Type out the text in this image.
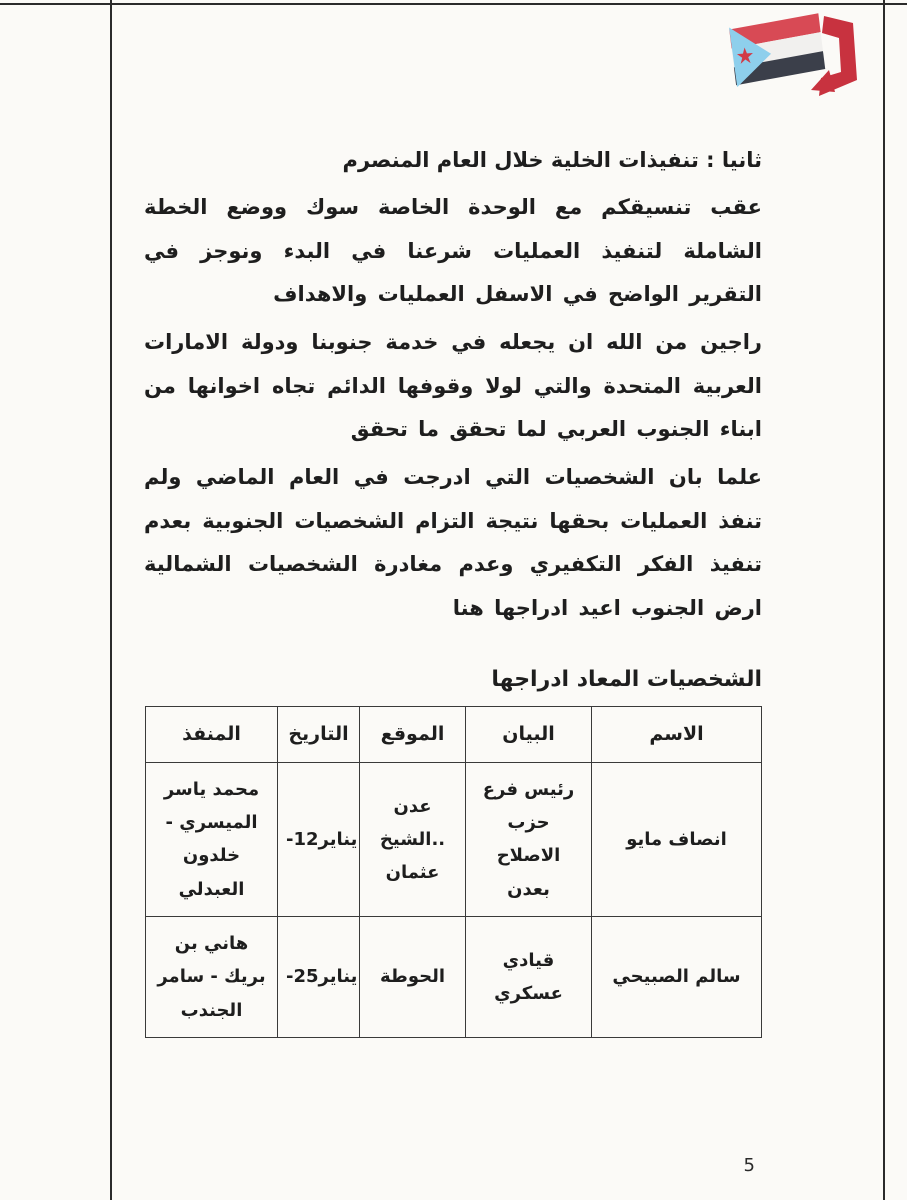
ثانيا : تنفيذات الخلية خلال العام المنصرم

عقب تنسيقكم مع الوحدة الخاصة سوك ووضع الخطة الشاملة لتنفيذ العمليات شرعنا في البدء ونوجز في التقرير الواضح في الاسفل العمليات والاهداف

راجين من الله ان يجعله في خدمة جنوبنا ودولة الامارات العربية المتحدة والتي لولا وقوفها الدائم تجاه اخوانها من ابناء الجنوب العربي لما تحقق ما تحقق

علما بان الشخصيات التي ادرجت في العام الماضي ولم تنفذ العمليات بحقها نتيجة التزام الشخصيات الجنوبية بعدم تنفيذ الفكر التكفيري وعدم مغادرة الشخصيات الشمالية ارض الجنوب اعيد ادراجها هنا

الشخصيات المعاد ادراجها
الاسم	البيان	الموقع	التاريخ	المنفذ
انصاف مايو	رئيس فرع حزب الاصلاح بعدن	عدن ..الشيخ عثمان	-12يناير	محمد ياسر الميسري - خلدون العبدلي
سالم الصبيحي	قيادي عسكري	الحوطة	-25يناير	هاني بن بريك - سامر الجندب
5
